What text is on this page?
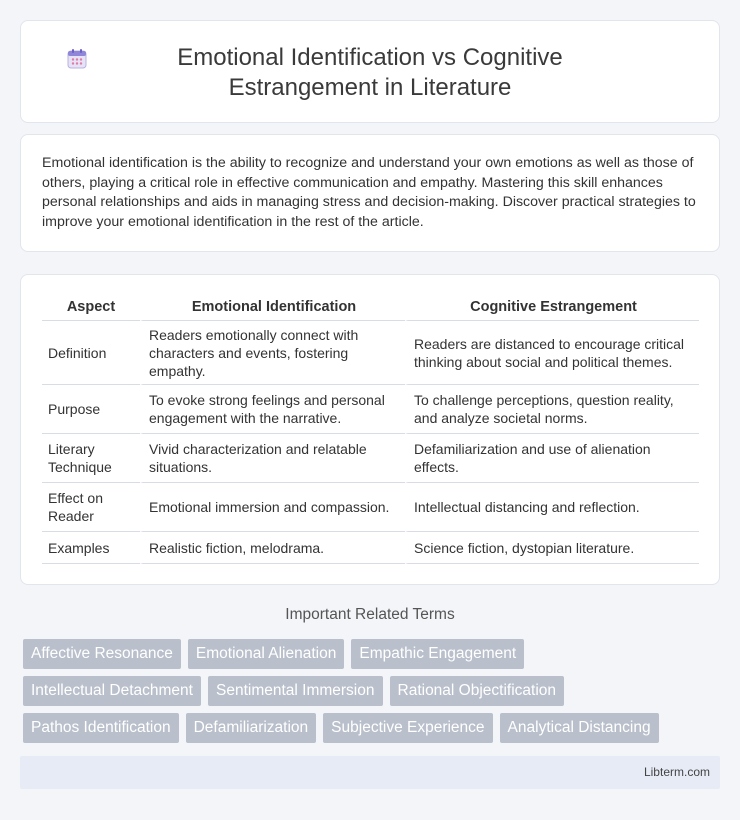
Emotional Identification vs Cognitive Estrangement in Literature

Emotional identification is the ability to recognize and understand your own emotions as well as those of others, playing a critical role in effective communication and empathy. Mastering this skill enhances personal relationships and aids in managing stress and decision-making. Discover practical strategies to improve your emotional identification in the rest of the article.

Aspect	Emotional Identification	Cognitive Estrangement
Definition	Readers emotionally connect with characters and events, fostering empathy.	Readers are distanced to encourage critical thinking about social and political themes.
Purpose	To evoke strong feelings and personal engagement with the narrative.	To challenge perceptions, question reality, and analyze societal norms.
Literary Technique	Vivid characterization and relatable situations.	Defamiliarization and use of alienation effects.
Effect on Reader	Emotional immersion and compassion.	Intellectual distancing and reflection.
Examples	Realistic fiction, melodrama.	Science fiction, dystopian literature.
Important Related Terms
Affective Resonance	Emotional Alienation	Empathic Engagement
Intellectual Detachment	Sentimental Immersion	Rational Objectification
Pathos Identification	Defamiliarization	Subjective Experience	Analytical Distancing
Libterm.com
